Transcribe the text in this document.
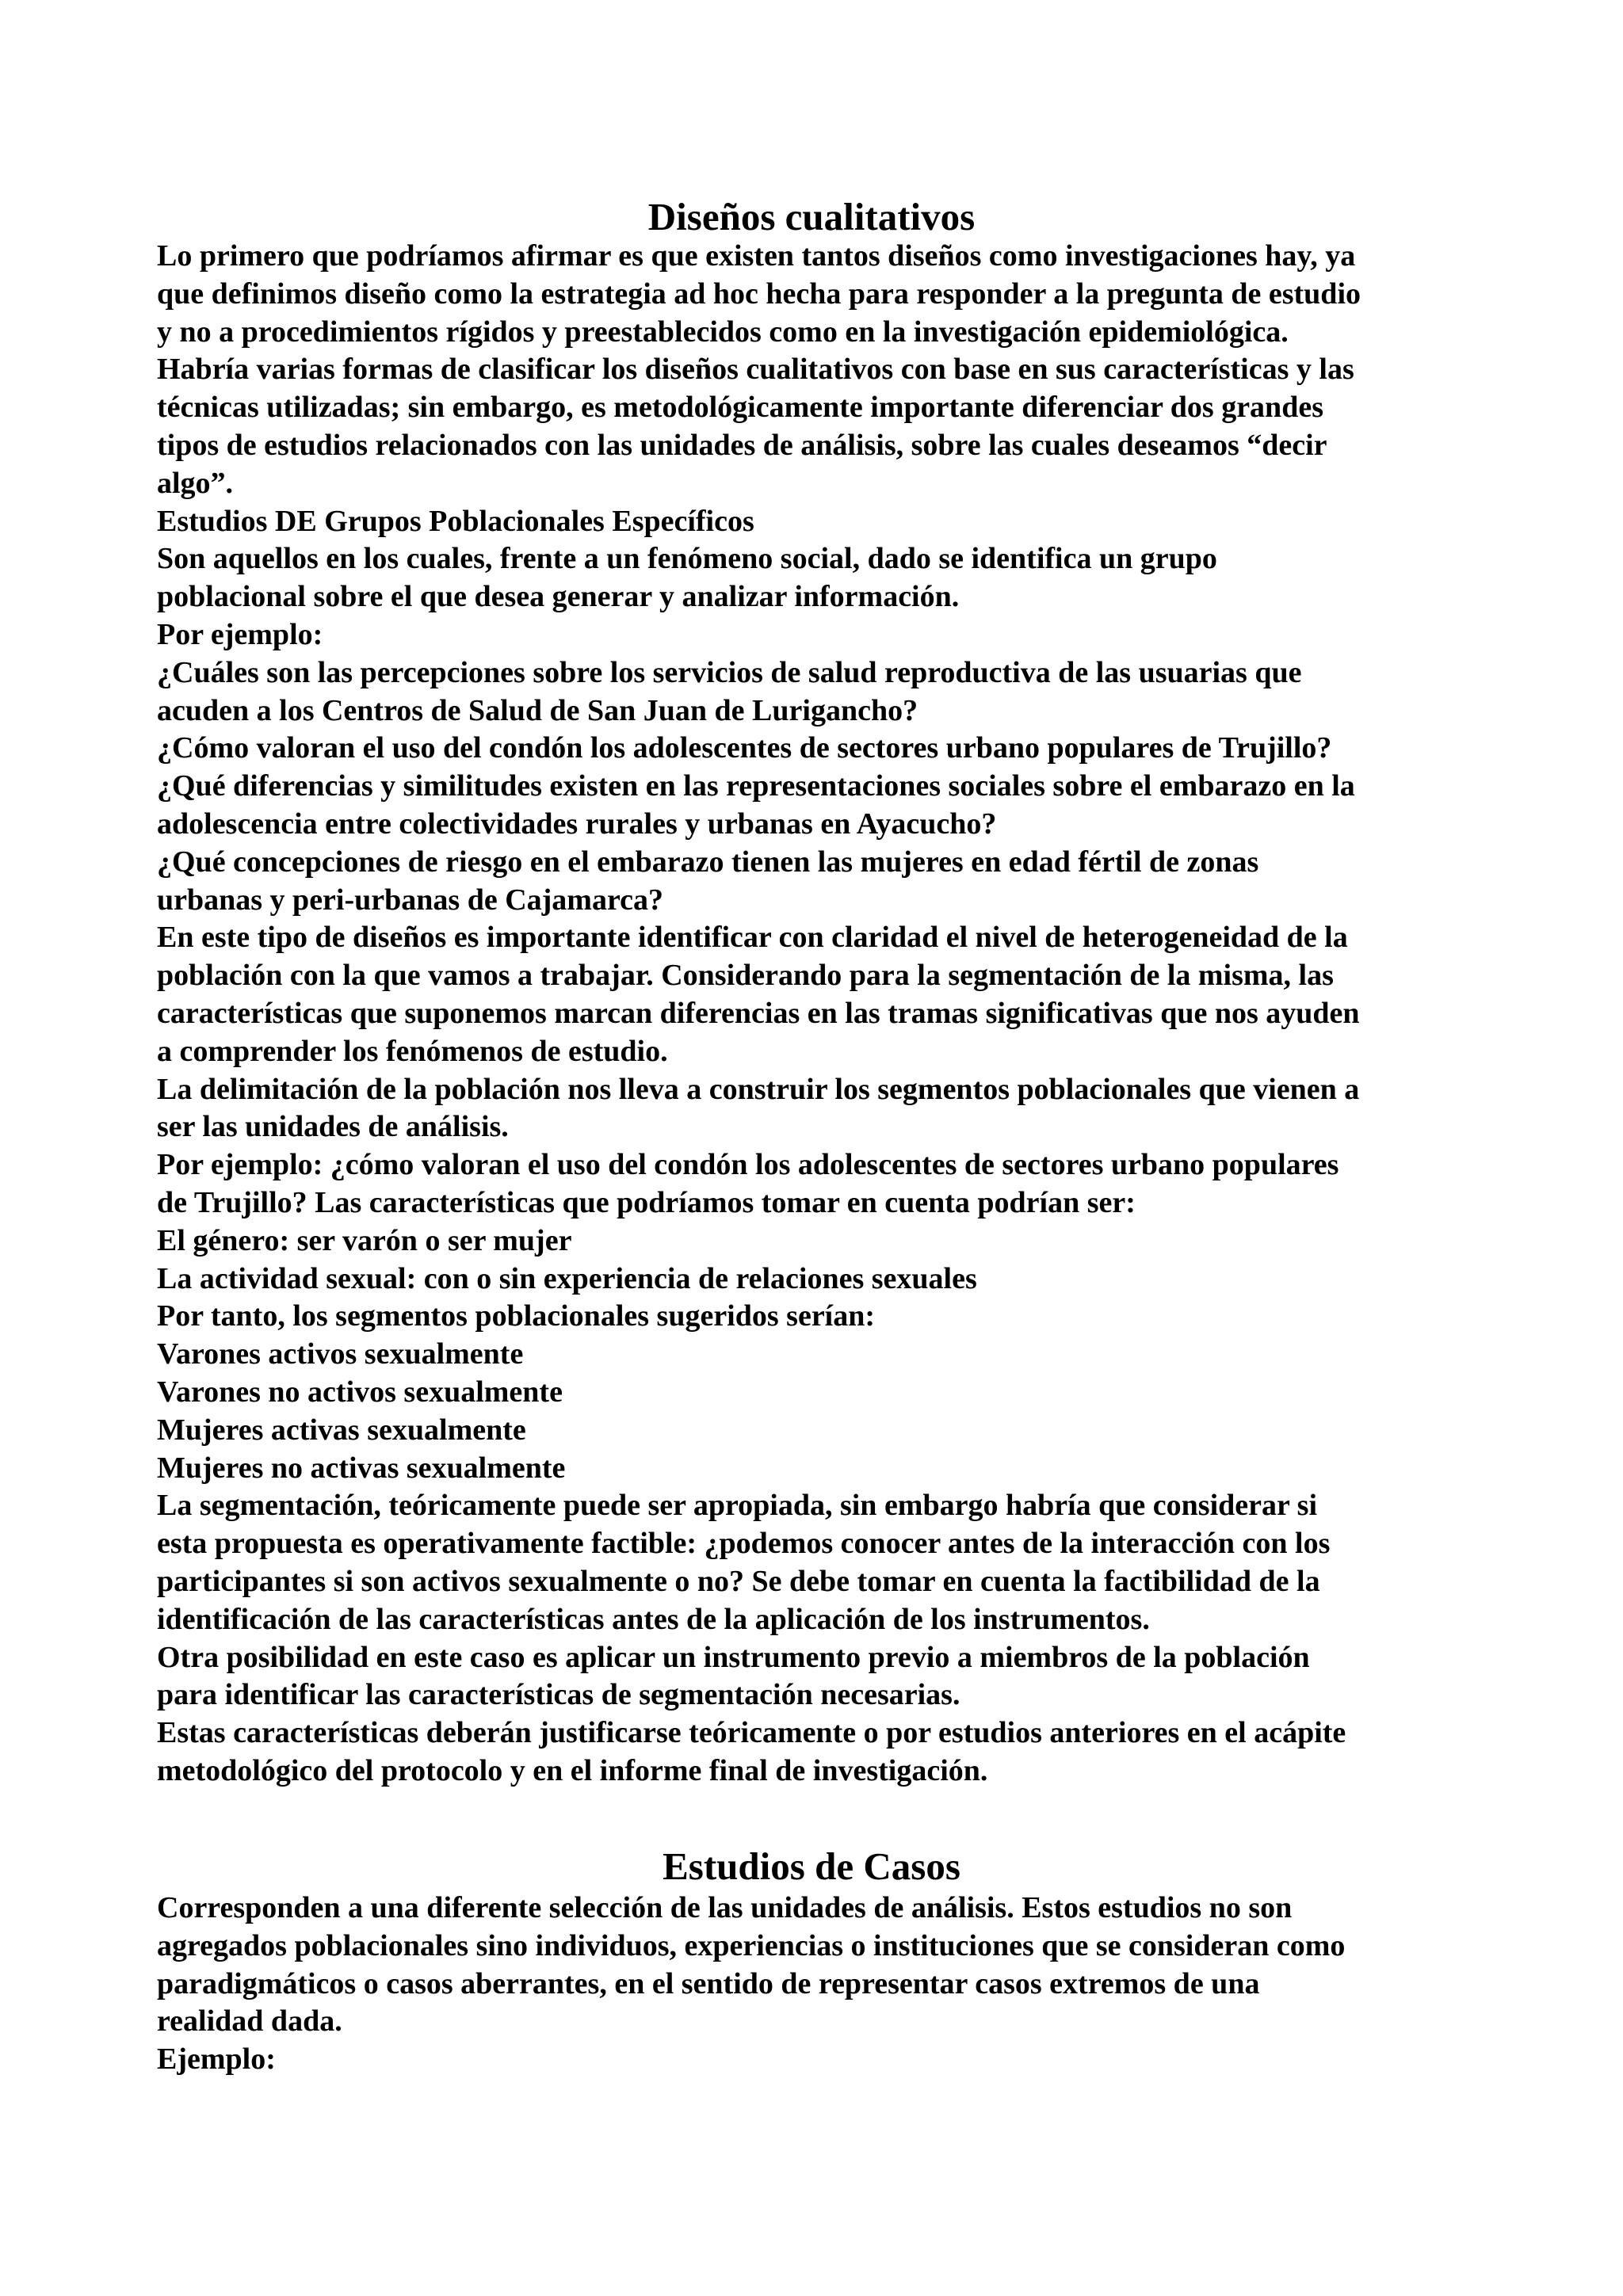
Diseños cualitativos
Lo primero que podríamos afirmar es que existen tantos diseños como investigaciones hay, ya
que definimos diseño como la estrategia ad hoc hecha para responder a la pregunta de estudio
y no a procedimientos rígidos y preestablecidos como en la investigación epidemiológica.
Habría varias formas de clasificar los diseños cualitativos con base en sus características y las
técnicas utilizadas; sin embargo, es metodológicamente importante diferenciar dos grandes
tipos de estudios relacionados con las unidades de análisis, sobre las cuales deseamos “decir
algo”.
Estudios DE Grupos Poblacionales Específicos
Son aquellos en los cuales, frente a un fenómeno social, dado se identifica un grupo
poblacional sobre el que desea generar y analizar información.
Por ejemplo:
¿Cuáles son las percepciones sobre los servicios de salud reproductiva de las usuarias que
acuden a los Centros de Salud de San Juan de Lurigancho?
¿Cómo valoran el uso del condón los adolescentes de sectores urbano populares de Trujillo?
¿Qué diferencias y similitudes existen en las representaciones sociales sobre el embarazo en la
adolescencia entre colectividades rurales y urbanas en Ayacucho?
¿Qué concepciones de riesgo en el embarazo tienen las mujeres en edad fértil de zonas
urbanas y peri-urbanas de Cajamarca?
En este tipo de diseños es importante identificar con claridad el nivel de heterogeneidad de la
población con la que vamos a trabajar. Considerando para la segmentación de la misma, las
características que suponemos marcan diferencias en las tramas significativas que nos ayuden
a comprender los fenómenos de estudio.
La delimitación de la población nos lleva a construir los segmentos poblacionales que vienen a
ser las unidades de análisis.
Por ejemplo: ¿cómo valoran el uso del condón los adolescentes de sectores urbano populares
de Trujillo? Las características que podríamos tomar en cuenta podrían ser:
El género: ser varón o ser mujer
La actividad sexual: con o sin experiencia de relaciones sexuales
Por tanto, los segmentos poblacionales sugeridos serían:
Varones activos sexualmente
Varones no activos sexualmente
Mujeres activas sexualmente
Mujeres no activas sexualmente
La segmentación, teóricamente puede ser apropiada, sin embargo habría que considerar si
esta propuesta es operativamente factible: ¿podemos conocer antes de la interacción con los
participantes si son activos sexualmente o no? Se debe tomar en cuenta la factibilidad de la
identificación de las características antes de la aplicación de los instrumentos.
Otra posibilidad en este caso es aplicar un instrumento previo a miembros de la población
para identificar las características de segmentación necesarias.
Estas características deberán justificarse teóricamente o por estudios anteriores en el acápite
metodológico del protocolo y en el informe final de investigación.
Estudios de Casos
Corresponden a una diferente selección de las unidades de análisis. Estos estudios no son
agregados poblacionales sino individuos, experiencias o instituciones que se consideran como
paradigmáticos o casos aberrantes, en el sentido de representar casos extremos de una
realidad dada.
Ejemplo:
